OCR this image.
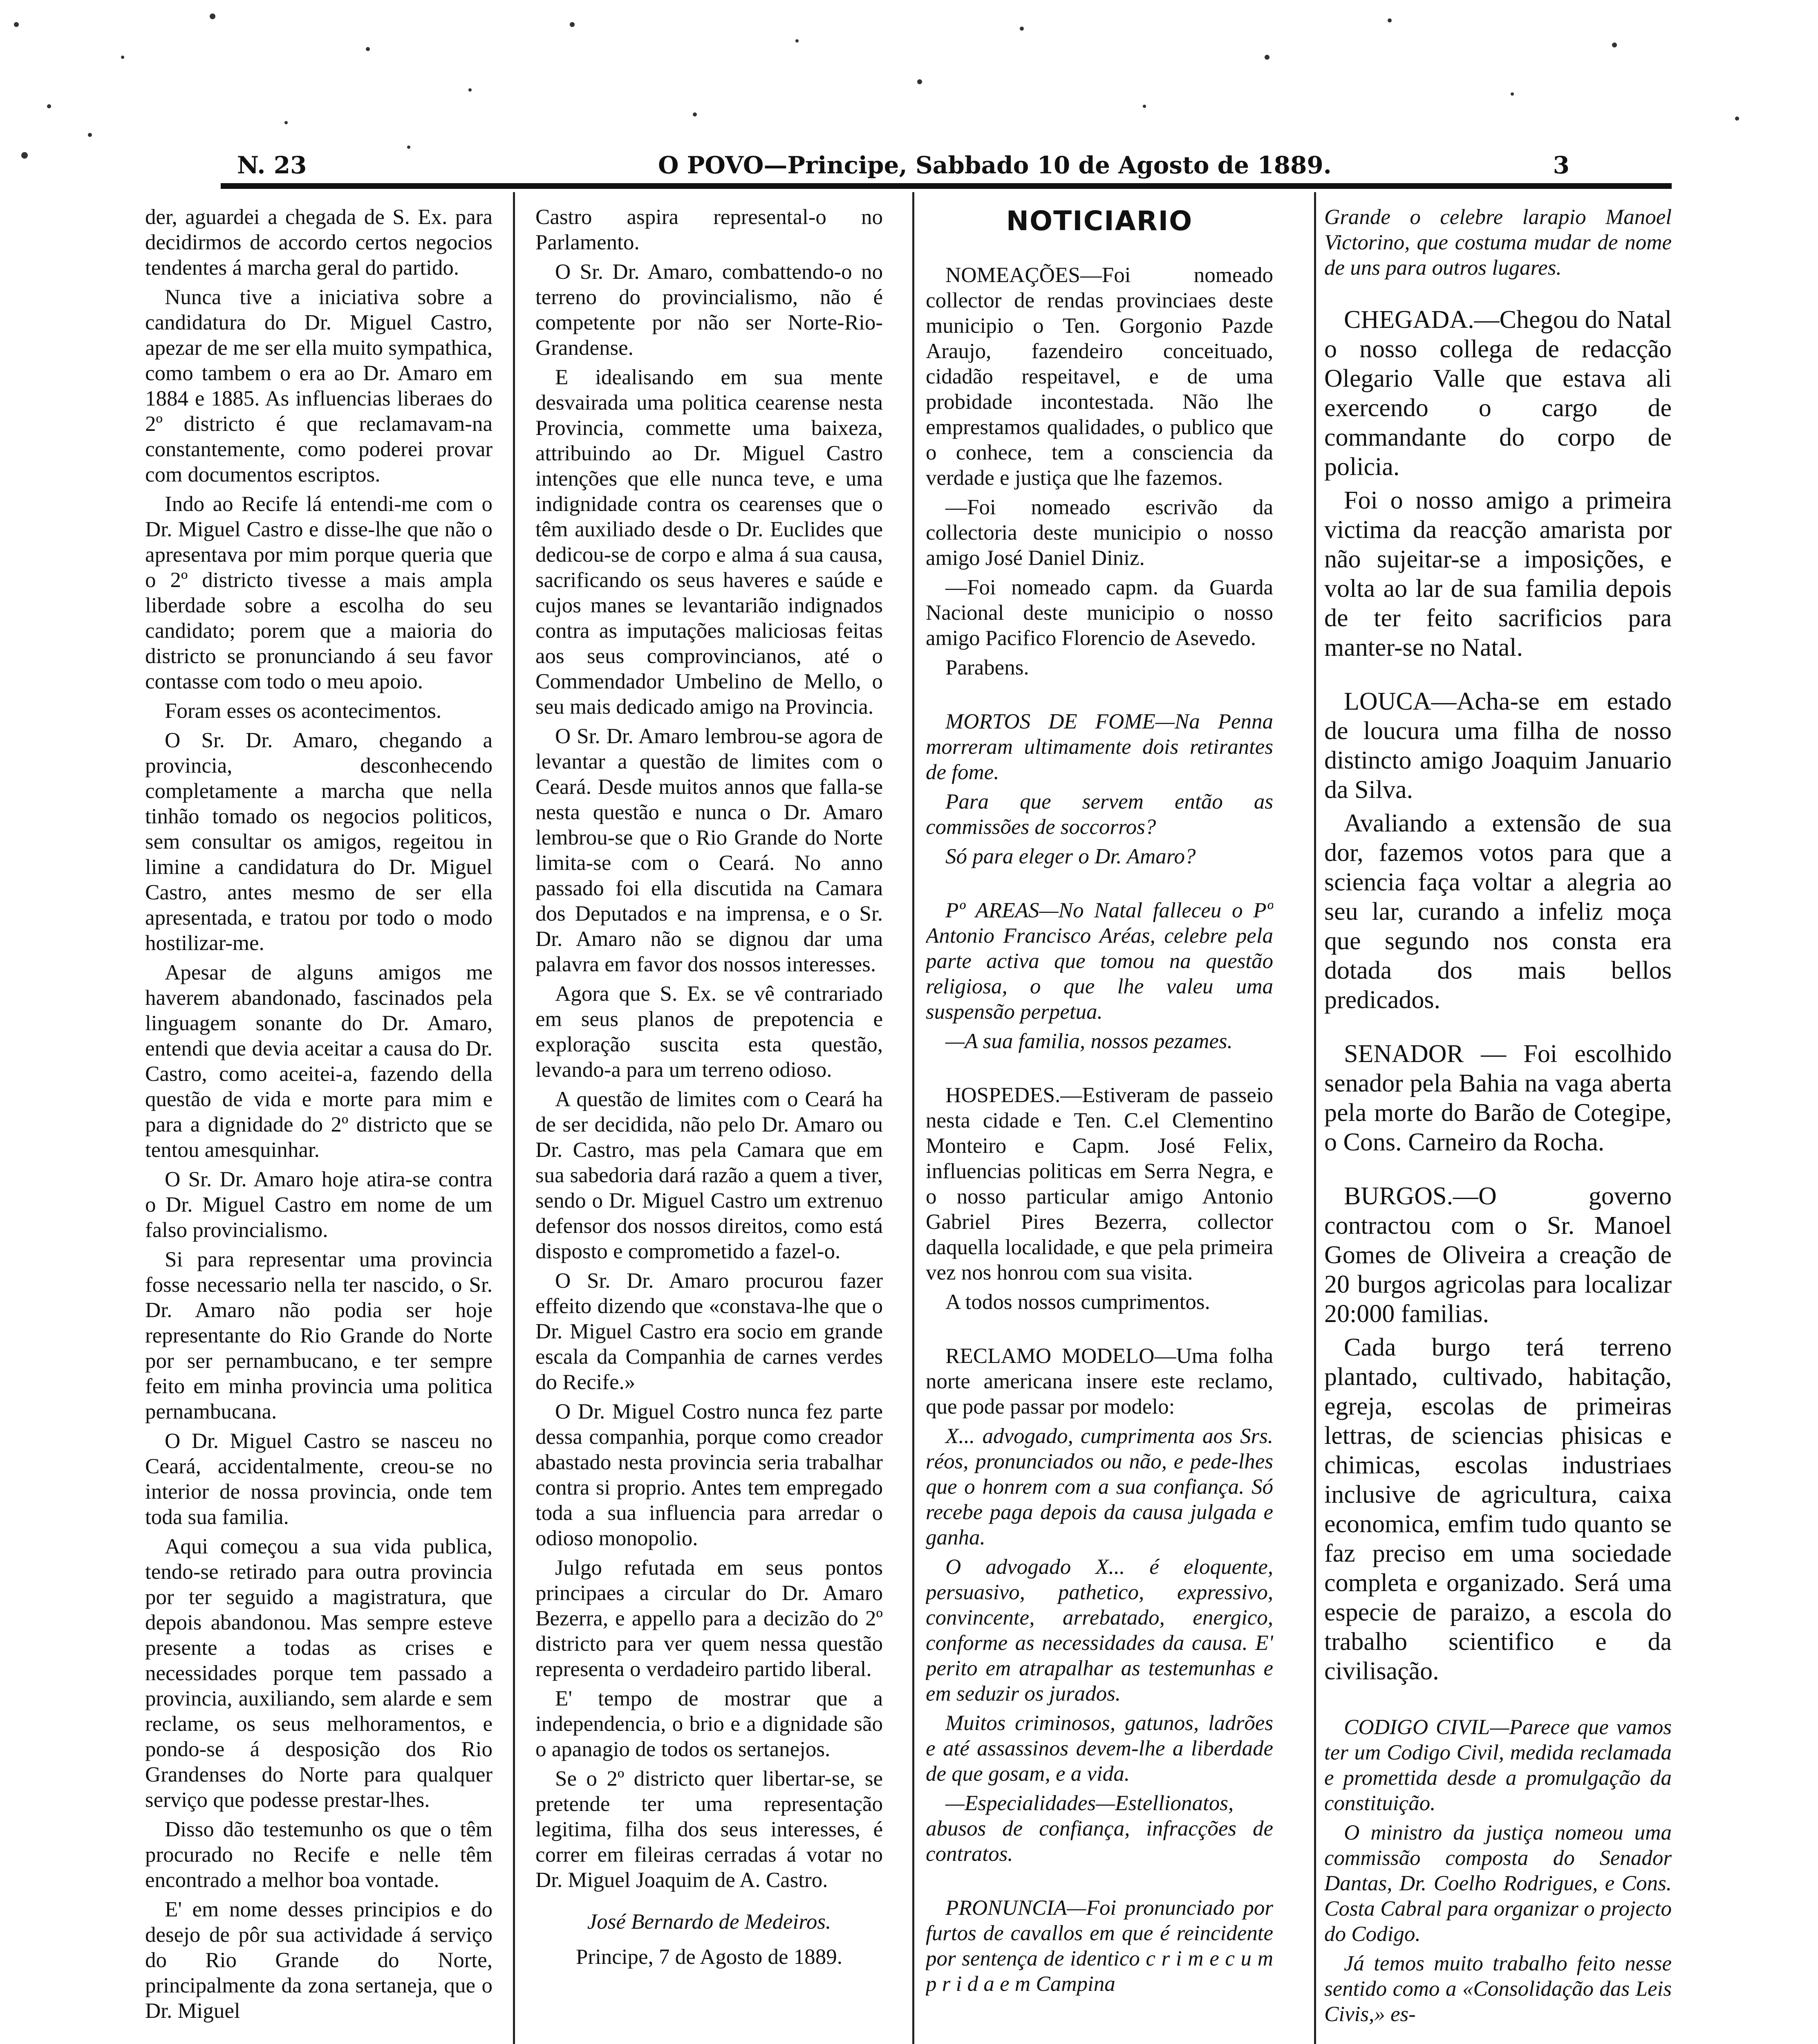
N. 23	O POVO—Principe, Sabbado 10 de Agosto de 1889.	3

der, aguardei a chegada de S. Ex. para decidirmos de accordo certos negocios tendentes á marcha geral do partido.

Nunca tive a iniciativa sobre a candidatura do Dr. Miguel Castro, apezar de me ser ella muito sympathica, como tambem o era ao Dr. Amaro em 1884 e 1885. As influencias liberaes do 2º districto é que reclamavam-na constantemente, como poderei provar com documentos escriptos.

Indo ao Recife lá entendi-me com o Dr. Miguel Castro e disse-lhe que não o apresentava por mim porque queria que o 2º districto tivesse a mais ampla liberdade sobre a escolha do seu candidato; porem que a maioria do districto se pronunciando á seu favor contasse com todo o meu apoio.

Foram esses os acontecimentos.

O Sr. Dr. Amaro, chegando a provincia, desconhecendo completamente a marcha que nella tinhão tomado os negocios politicos, sem consultar os amigos, regeitou in limine a candidatura do Dr. Miguel Castro, antes mesmo de ser ella apresentada, e tratou por todo o modo hostilizar-me.

Apesar de alguns amigos me haverem abandonado, fascinados pela linguagem sonante do Dr. Amaro, entendi que devia aceitar a causa do Dr. Castro, como aceitei-a, fazendo della questão de vida e morte para mim e para a dignidade do 2º districto que se tentou amesquinhar.

O Sr. Dr. Amaro hoje atira-se contra o Dr. Miguel Castro em nome de um falso provincialismo.

Si para representar uma provincia fosse necessario nella ter nascido, o Sr. Dr. Amaro não podia ser hoje representante do Rio Grande do Norte por ser pernambucano, e ter sempre feito em minha provincia uma politica pernambucana.

O Dr. Miguel Castro se nasceu no Ceará, accidentalmente, creou-se no interior de nossa provincia, onde tem toda sua familia.

Aqui começou a sua vida publica, tendo-se retirado para outra provincia por ter seguido a magistratura, que depois abandonou. Mas sempre esteve presente a todas as crises e necessidades porque tem passado a provincia, auxiliando, sem alarde e sem reclame, os seus melhoramentos, e pondo-se á desposição dos Rio Grandenses do Norte para qualquer serviço que podesse prestar-lhes.

Disso dão testemunho os que o têm procurado no Recife e nelle têm encontrado a melhor boa vontade.

E' em nome desses principios e do desejo de pôr sua actividade á serviço do Rio Grande do Norte, principalmente da zona sertaneja, que o Dr. Miguel

Castro aspira represental-o no Parlamento.

O Sr. Dr. Amaro, combattendo-o no terreno do provincialismo, não é competente por não ser Norte-Rio-Grandense.

E idealisando em sua mente desvairada uma politica cearense nesta Provincia, commette uma baixeza, attribuindo ao Dr. Miguel Castro intenções que elle nunca teve, e uma indignidade contra os cearenses que o têm auxiliado desde o Dr. Euclides que dedicou-se de corpo e alma á sua causa, sacrificando os seus haveres e saúde e cujos manes se levantarião indignados contra as imputações maliciosas feitas aos seus comprovincianos, até o Commendador Umbelino de Mello, o seu mais dedicado amigo na Provincia.

O Sr. Dr. Amaro lembrou-se agora de levantar a questão de limites com o Ceará. Desde muitos annos que falla-se nesta questão e nunca o Dr. Amaro lembrou-se que o Rio Grande do Norte limita-se com o Ceará. No anno passado foi ella discutida na Camara dos Deputados e na imprensa, e o Sr. Dr. Amaro não se dignou dar uma palavra em favor dos nossos interesses.

Agora que S. Ex. se vê contrariado em seus planos de prepotencia e exploração suscita esta questão, levando-a para um terreno odioso.

A questão de limites com o Ceará ha de ser decidida, não pelo Dr. Amaro ou Dr. Castro, mas pela Camara que em sua sabedoria dará razão a quem a tiver, sendo o Dr. Miguel Castro um extrenuo defensor dos nossos direitos, como está disposto e comprometido a fazel-o.

O Sr. Dr. Amaro procurou fazer effeito dizendo que «constava-lhe que o Dr. Miguel Castro era socio em grande escala da Companhia de carnes verdes do Recife.»

O Dr. Miguel Costro nunca fez parte dessa companhia, porque como creador abastado nesta provincia seria trabalhar contra si proprio. Antes tem empregado toda a sua influencia para arredar o odioso monopolio.

Julgo refutada em seus pontos principaes a circular do Dr. Amaro Bezerra, e appello para a decizão do 2º districto para ver quem nessa questão representa o verdadeiro partido liberal.

E' tempo de mostrar que a independencia, o brio e a dignidade são o apanagio de todos os sertanejos.

Se o 2º districto quer libertar-se, se pretende ter uma representação legitima, filha dos seus interesses, é correr em fileiras cerradas á votar no Dr. Miguel Joaquim de A. Castro.

José Bernardo de Medeiros.

Principe, 7 de Agosto de 1889.

NOTICIARIO

NOMEAÇÕES—Foi nomeado collector de rendas provinciaes deste municipio o Ten. Gorgonio Pazde Araujo, fazendeiro conceituado, cidadão respeitavel, e de uma probidade incontestada. Não lhe emprestamos qualidades, o publico que o conhece, tem a consciencia da verdade e justiça que lhe fazemos.

—Foi nomeado escrivão da collectoria deste municipio o nosso amigo José Daniel Diniz.

—Foi nomeado capm. da Guarda Nacional deste municipio o nosso amigo Pacifico Florencio de Asevedo.

Parabens.

MORTOS DE FOME—Na Penna morreram ultimamente dois retirantes de fome.

Para que servem então as commissões de soccorros?

Só para eleger o Dr. Amaro?

Pº AREAS—No Natal falleceu o Pº Antonio Francisco Aréas, celebre pela parte activa que tomou na questão religiosa, o que lhe valeu uma suspensão perpetua.

—A sua familia, nossos pezames.

HOSPEDES.—Estiveram de passeio nesta cidade e Ten. C.el Clementino Monteiro e Capm. José Felix, influencias politicas em Serra Negra, e o nosso particular amigo Antonio Gabriel Pires Bezerra, collector daquella localidade, e que pela primeira vez nos honrou com sua visita.

A todos nossos cumprimentos.

RECLAMO MODELO—Uma folha norte americana insere este reclamo, que pode passar por modelo:

X... advogado, cumprimenta aos Srs. réos, pronunciados ou não, e pede-lhes que o honrem com a sua confiança. Só recebe paga depois da causa julgada e ganha.

O advogado X... é eloquente, persuasivo, pathetico, expressivo, convincente, arrebatado, energico, conforme as necessidades da causa. E' perito em atrapalhar as testemunhas e em seduzir os jurados.

Muitos criminosos, gatunos, ladrões e até assassinos devem-lhe a liberdade de que gosam, e a vida.

—Especialidades—Estellionatos, abusos de confiança, infracções de contratos.

PRONUNCIA—Foi pronunciado por furtos de cavallos em que é reincidente por sentença de identico c r i m e c u m p r i d a e m Campina

Grande o celebre larapio Manoel Victorino, que costuma mudar de nome de uns para outros lugares.

CHEGADA.—Chegou do Natal o nosso collega de redacção Olegario Valle que estava ali exercendo o cargo de commandante do corpo de policia.

Foi o nosso amigo a primeira victima da reacção amarista por não sujeitar-se a imposições, e volta ao lar de sua familia depois de ter feito sacrificios para manter-se no Natal.

LOUCA—Acha-se em estado de loucura uma filha de nosso distincto amigo Joaquim Januario da Silva.

Avaliando a extensão de sua dor, fazemos votos para que a sciencia faça voltar a alegria ao seu lar, curando a infeliz moça que segundo nos consta era dotada dos mais bellos predicados.

SENADOR — Foi escolhido senador pela Bahia na vaga aberta pela morte do Barão de Cotegipe, o Cons. Carneiro da Rocha.

BURGOS.—O governo contractou com o Sr. Manoel Gomes de Oliveira a creação de 20 burgos agricolas para localizar 20:000 familias.

Cada burgo terá terreno plantado, cultivado, habitação, egreja, escolas de primeiras lettras, de sciencias phisicas e chimicas, escolas industriaes inclusive de agricultura, caixa economica, emfim tudo quanto se faz preciso em uma sociedade completa e organizado. Será uma especie de paraizo, a escola do trabalho scientifico e da civilisação.

CODIGO CIVIL—Parece que vamos ter um Codigo Civil, medida reclamada e promettida desde a promulgação da constituição.

O ministro da justiça nomeou uma commissão composta do Senador Dantas, Dr. Coelho Rodrigues, e Cons. Costa Cabral para organizar o projecto do Codigo.

Já temos muito trabalho feito nesse sentido como a «Consolidação das Leis Civis,» es-
